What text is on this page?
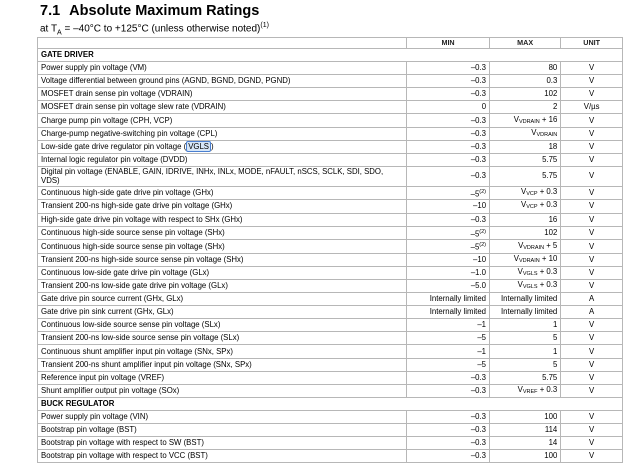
7.1 Absolute Maximum Ratings
at $T_A = -40^\circ C$ to +125°C (unless otherwise noted)$^{(1)}$
	MIN	MAX	UNIT
GATE DRIVER			
Power supply pin voltage (VM)	–0.3	80	V
Voltage differential between ground pins (AGND, BGND, DGND, PGND)	–0.3	0.3	V
MOSFET drain sense pin voltage (VDRAIN)	–0.3	102	V
MOSFET drain sense pin voltage slew rate (VDRAIN)	0	2	V/µs
Charge pump pin voltage (CPH, VCP)	–0.3	$V_{VDRAIN} + 16$	V
Charge-pump negative-switching pin voltage (CPL)	–0.3	$V_{VDRAIN}$	V
Low-side gate drive regulator pin voltage ( VGLS )	–0.3	18	V
Internal logic regulator pin voltage (DVDD)	–0.3	5.75	V
Digital pin voltage (ENABLE, GAIN, IDRIVE, INHx, INLx, MODE, nFAULT, nSCS, SCLK, SDI, SDO, VDS)	–0.3	5.75	V
Continuous high-side gate drive pin voltage (GHx)	–5$^{(2)}$	$V_{VCP} + 0.3$	V
Transient 200-ns high-side gate drive pin voltage (GHx)	–10	$V_{VCP} + 0.3$	V
High-side gate drive pin voltage with respect to SHx (GHx)	–0.3	16	V
Continuous high-side source sense pin voltage (SHx)	–5$^{(2)}$	102	V
Continuous high-side source sense pin voltage (SHx)	–5$^{(2)}$	$V_{VDRAIN} + 5$	V
Transient 200-ns high-side source sense pin voltage (SHx)	–10	$V_{VDRAIN} + 10$	V
Continuous low-side gate drive pin voltage (GLx)	–1.0	$V_{VGLS} + 0.3$	V
Transient 200-ns low-side gate drive pin voltage (GLx)	–5.0	$V_{VGLS} + 0.3$	V
Gate drive pin source current (GHx, GLx)	Internally limited	Internally limited	A
Gate drive pin sink current (GHx, GLx)	Internally limited	Internally limited	A
Continuous low-side source sense pin voltage (SLx)	–1	1	V
Transient 200-ns low-side source sense pin voltage (SLx)	–5	5	V
Continuous shunt amplifier input pin voltage (SNx, SPx)	–1	1	V
Transient 200-ns shunt amplifier input pin voltage (SNx, SPx)	–5	5	V
Reference input pin voltage (VREF)	–0.3	5.75	V
Shunt amplifier output pin voltage (SOx)	–0.3	$V_{VREF} + 0.3$	V
BUCK REGULATOR			
Power supply pin voltage (VIN)	–0.3	100	V
Bootstrap pin voltage (BST)	–0.3	114	V
Bootstrap pin voltage with respect to SW (BST)	–0.3	14	V
Bootstrap pin voltage with respect to VCC (BST)	–0.3	100	V
